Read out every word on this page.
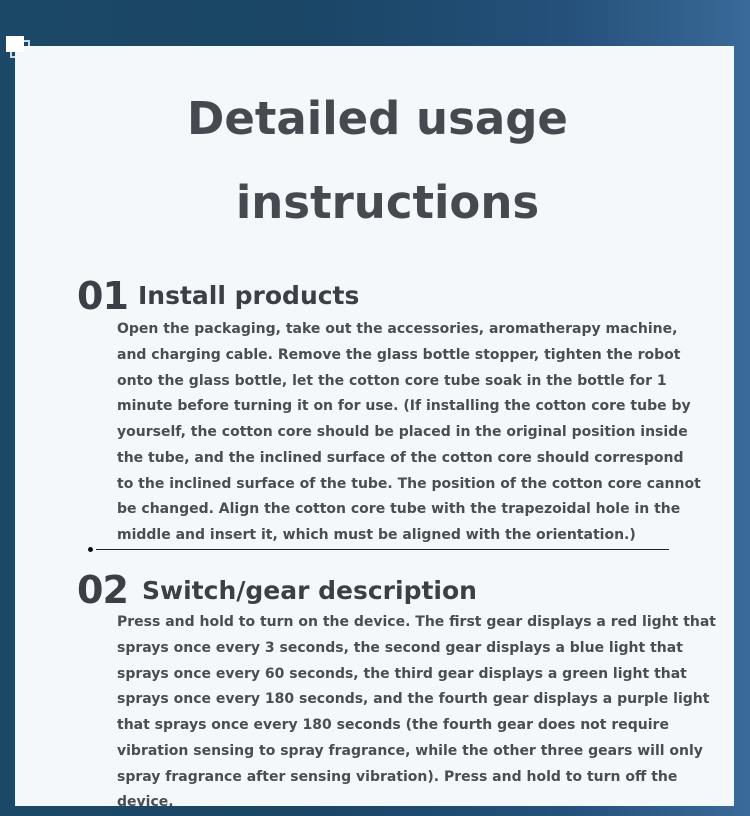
Detailed usage
instructions
01 Install products

Open the packaging, take out the accessories, aromatherapy machine, and charging cable. Remove the glass bottle stopper, tighten the robot onto the glass bottle, let the cotton core tube soak in the bottle for 1 minute before turning it on for use. (If installing the cotton core tube by yourself, the cotton core should be placed in the original position inside the tube, and the inclined surface of the cotton core should correspond to the inclined surface of the tube. The position of the cotton core cannot be changed. Align the cotton core tube with the trapezoidal hole in the middle and insert it, which must be aligned with the orientation.)

02 Switch/gear description

Press and hold to turn on the device. The first gear displays a red light that sprays once every 3 seconds, the second gear displays a blue light that sprays once every 60 seconds, the third gear displays a green light that sprays once every 180 seconds, and the fourth gear displays a purple light that sprays once every 180 seconds (the fourth gear does not require vibration sensing to spray fragrance, while the other three gears will only spray fragrance after sensing vibration). Press and hold to turn off the device.
